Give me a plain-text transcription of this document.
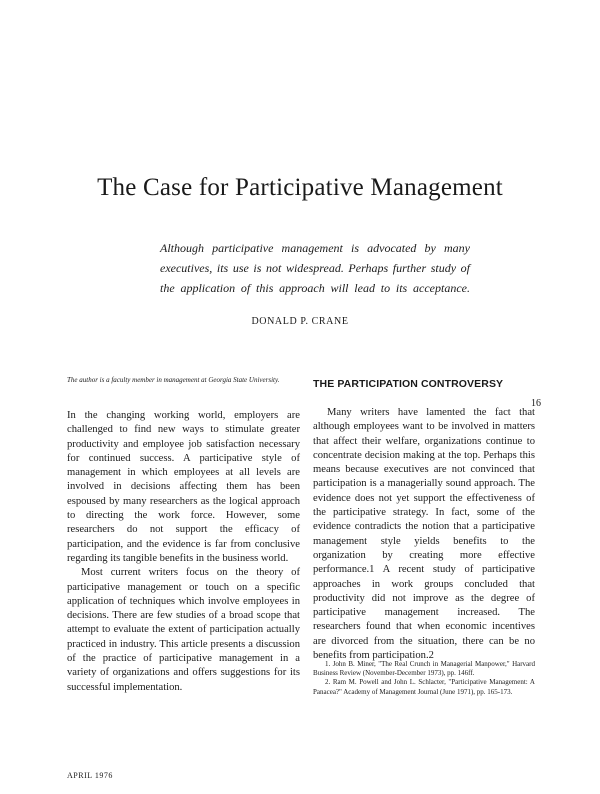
The Case for Participative Management
Although participative management is advocated by many
executives, its use is not widespread. Perhaps further study of
the application of this approach will lead to its acceptance.
DONALD P. CRANE
The author is a faculty member in management at Georgia State University.

In the changing working world, employers are challenged to find new ways to stimulate greater productivity and employee job satisfaction necessary for continued success. A participative style of management in which employees at all levels are involved in decisions affecting them has been espoused by many researchers as the logical approach to directing the work force. However, some researchers do not support the efficacy of participation, and the evidence is far from conclusive regarding its tangible benefits in the business world.

Most current writers focus on the theory of participative management or touch on a specific application of techniques which involve employees in decisions. There are few studies of a broad scope that attempt to evaluate the extent of participation actually practiced in industry. This article presents a discussion of the practice of participative management in a variety of organizations and offers suggestions for its successful implementation.

THE PARTICIPATION CONTROVERSY
16

Many writers have lamented the fact that although employees want to be involved in matters that affect their welfare, organizations continue to concentrate decision making at the top. Perhaps this means because executives are not convinced that participation is a managerially sound approach. The evidence does not yet support the effectiveness of the participative strategy. In fact, some of the evidence contradicts the notion that a participative management style yields benefits to the organization by creating more effective performance.1 A recent study of participative approaches in work groups concluded that productivity did not improve as the degree of participative management increased. The researchers found that when economic incentives are divorced from the situation, there can be no benefits from participation.2

1. John B. Miner, "The Real Crunch in Managerial Manpower," Harvard Business Review (November-December 1973), pp. 146ff.

2. Ram M. Powell and John L. Schlacter, "Participative Management: A Panacea?" Academy of Management Journal (June 1971), pp. 165-173.

APRIL 1976
